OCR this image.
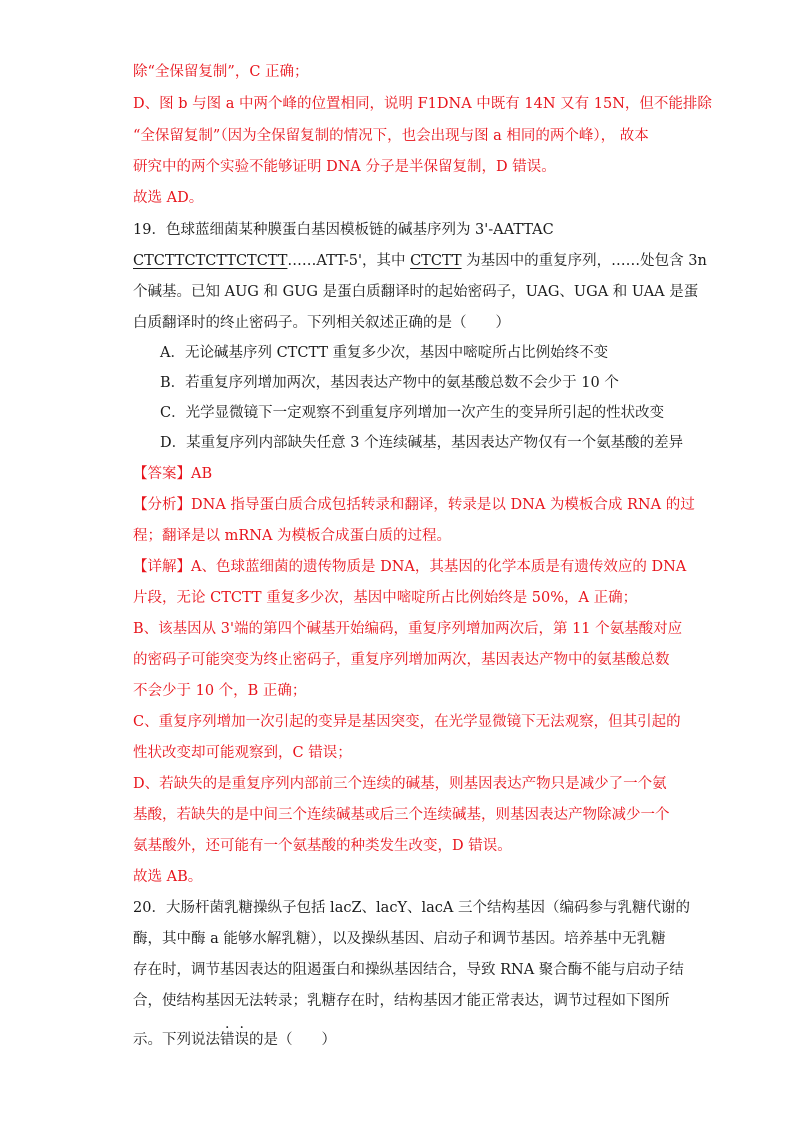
除“全保留复制”，C 正确；
D、图 b 与图 a 中两个峰的位置相同，说明 F1DNA 中既有 14N 又有 15N，但不能排除
“全保留复制”（因为全保留复制的情况下，也会出现与图 a 相同的两个峰）， 故本
研究中的两个实验不能够证明 DNA 分子是半保留复制，D 错误。
故选 AD。
19．色球蓝细菌某种膜蛋白基因模板链的碱基序列为 3'-AATTAC
CTCTTCTCTTCTCTT……ATT-5'，其中 CTCTT 为基因中的重复序列，……处包含 3n
个碱基。已知 AUG 和 GUG 是蛋白质翻译时的起始密码子，UAG、UGA 和 UAA 是蛋
白质翻译时的终止密码子。下列相关叙述正确的是（　　）
A．无论碱基序列 CTCTT 重复多少次，基因中嘧啶所占比例始终不变
B．若重复序列增加两次，基因表达产物中的氨基酸总数不会少于 10 个
C．光学显微镜下一定观察不到重复序列增加一次产生的变异所引起的性状改变
D．某重复序列内部缺失任意 3 个连续碱基，基因表达产物仅有一个氨基酸的差异
【答案】AB
【分析】DNA 指导蛋白质合成包括转录和翻译，转录是以 DNA 为模板合成 RNA 的过
程；翻译是以 mRNA 为模板合成蛋白质的过程。
【详解】A、色球蓝细菌的遗传物质是 DNA，其基因的化学本质是有遗传效应的 DNA
片段，无论 CTCTT 重复多少次，基因中嘧啶所占比例始终是 50%，A 正确；
B、该基因从 3'端的第四个碱基开始编码，重复序列增加两次后，第 11 个氨基酸对应
的密码子可能突变为终止密码子，重复序列增加两次，基因表达产物中的氨基酸总数
不会少于 10 个，B 正确；
C、重复序列增加一次引起的变异是基因突变，在光学显微镜下无法观察，但其引起的
性状改变却可能观察到，C 错误；
D、若缺失的是重复序列内部前三个连续的碱基，则基因表达产物只是减少了一个氨
基酸，若缺失的是中间三个连续碱基或后三个连续碱基，则基因表达产物除减少一个
氨基酸外，还可能有一个氨基酸的种类发生改变，D 错误。
故选 AB。
20．大肠杆菌乳糖操纵子包括 lacZ、lacY、lacA 三个结构基因（编码参与乳糖代谢的
酶，其中酶 a 能够水解乳糖），以及操纵基因、启动子和调节基因。培养基中无乳糖
存在时，调节基因表达的阻遏蛋白和操纵基因结合，导致 RNA 聚合酶不能与启动子结
合，使结构基因无法转录；乳糖存在时，结构基因才能正常表达，调节过程如下图所
示。下列说法错误的是（　　）
